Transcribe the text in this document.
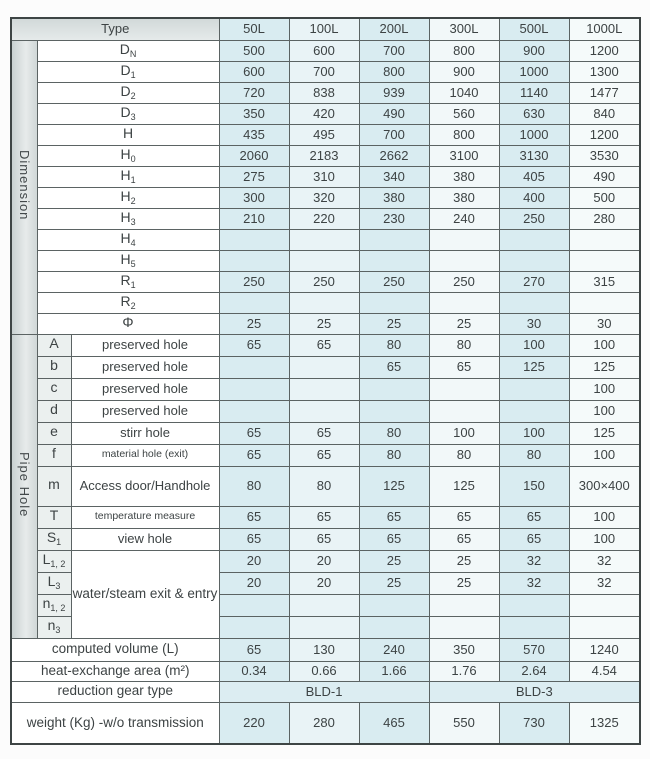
Type			50L	100L	200L	300L	500L	1000L
Dimension	$D_N$		500	600	700	800	900	1200
	$D_1$		600	700	800	900	1000	1300
	$D_2$		720	838	939	1040	1140	1477
	$D_3$		350	420	490	560	630	840
	H		435	495	700	800	1000	1200
	$H_0$		2060	2183	2662	3100	3130	3530
	$H_1$		275	310	340	380	405	490
	$H_2$		300	320	380	380	400	500
	$H_3$		210	220	230	240	250	280
	$H_4$						
	$H_5$						
	$R_1$		250	250	250	250	270	315
	$R_2$						
	Φ		25	25	25	25	30	30
Pipe Hole	A	preserved hole	65	65	80	80	100	100
	b	preserved hole			65	65	125	125
	c	preserved hole						100
	d	preserved hole						100
	e	stirr hole	65	65	80	100	100	125
	f	material hole (exit)	65	65	80	80	80	100
	m	Access door/Handhole	80	80	125	125	150	300×400
	T	temperature measure	65	65	65	65	65	100
	$S_1$	view hole	65	65	65	65	65	100
	$L_{1, 2}$	water/steam exit & entry	20	20	25	25	32	32
	$L_3$		20	20	25	25	32	32
	$n_{1, 2}$						
	$n_3$						
computed volume (L)			65	130	240	350	570	1240
heat-exchange area (m²)			0.34	0.66	1.66	1.76	2.64	4.54
reduction gear type			BLD-1			BLD-3		
weight (Kg) -w/o transmission			220	280	465	550	730	1325
